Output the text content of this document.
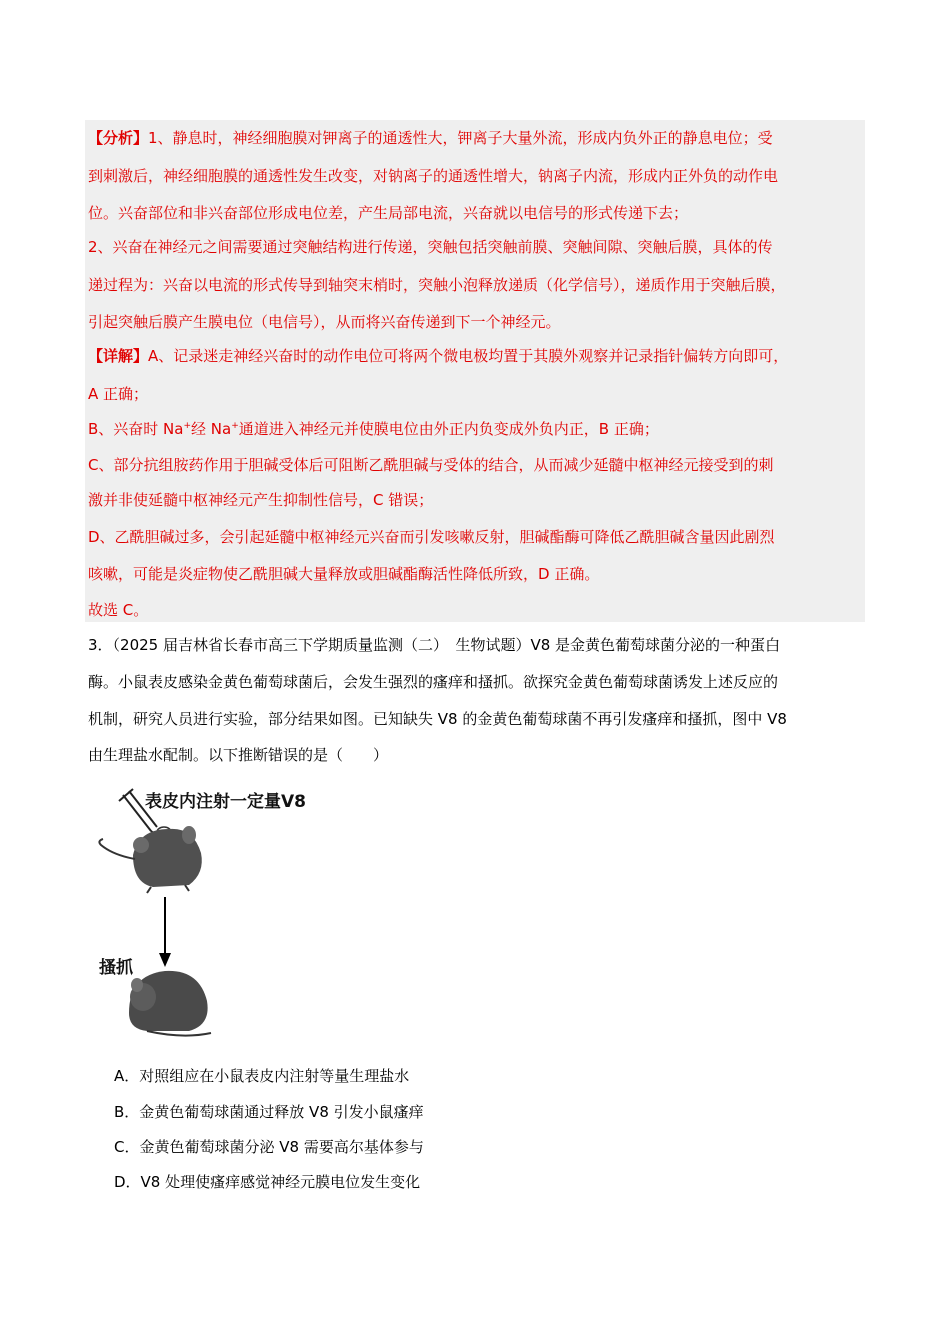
【分析】1、静息时，神经细胞膜对钾离子的通透性大，钾离子大量外流，形成内负外正的静息电位；受
到刺激后，神经细胞膜的通透性发生改变，对钠离子的通透性增大，钠离子内流，形成内正外负的动作电
位。兴奋部位和非兴奋部位形成电位差，产生局部电流，兴奋就以电信号的形式传递下去；
2、兴奋在神经元之间需要通过突触结构进行传递，突触包括突触前膜、突触间隙、突触后膜，具体的传
递过程为：兴奋以电流的形式传导到轴突末梢时，突触小泡释放递质（化学信号），递质作用于突触后膜，
引起突触后膜产生膜电位（电信号），从而将兴奋传递到下一个神经元。
【详解】A、记录迷走神经兴奋时的动作电位可将两个微电极均置于其膜外观察并记录指针偏转方向即可，
A 正确；
B、兴奋时 Na+经 Na+通道进入神经元并使膜电位由外正内负变成外负内正，B 正确；
C、部分抗组胺药作用于胆碱受体后可阻断乙酰胆碱与受体的结合，从而减少延髓中枢神经元接受到的刺
激并非使延髓中枢神经元产生抑制性信号，C 错误；
D、乙酰胆碱过多，会引起延髓中枢神经元兴奋而引发咳嗽反射，胆碱酯酶可降低乙酰胆碱含量因此剧烈
咳嗽，可能是炎症物使乙酰胆碱大量释放或胆碱酯酶活性降低所致，D 正确。
故选 C。
3．（2025 届吉林省长春市高三下学期质量监测（二）　生物试题）V8 是金黄色葡萄球菌分泌的一种蛋白
酶。小鼠表皮感染金黄色葡萄球菌后，会发生强烈的瘙痒和搔抓。欲探究金黄色葡萄球菌诱发上述反应的
机制，研究人员进行实验，部分结果如图。已知缺失 V8 的金黄色葡萄球菌不再引发瘙痒和搔抓，图中 V8
由生理盐水配制。以下推断错误的是（　　）
表皮内注射一定量V8
搔抓
A．对照组应在小鼠表皮内注射等量生理盐水
B．金黄色葡萄球菌通过释放 V8 引发小鼠瘙痒
C．金黄色葡萄球菌分泌 V8 需要高尔基体参与
D．V8 处理使瘙痒感觉神经元膜电位发生变化
